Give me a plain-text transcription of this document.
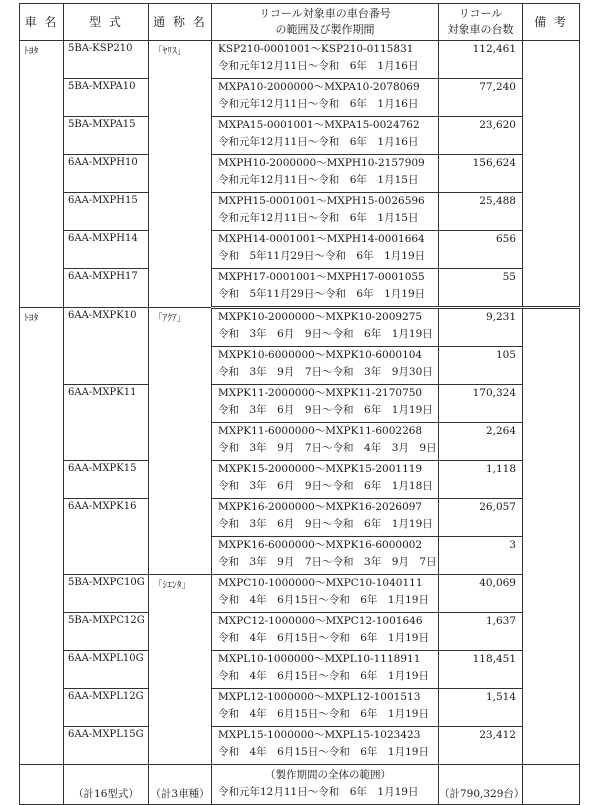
車 名	型 式	通 称 名	リコール対象車の車台番号
の範囲及び製作期間	リコール
対象車の台数	備 考
ﾄﾖﾀ	5BA-KSP210	「ﾔﾘｽ」	KSP210-0001001～KSP210-0115831
令和元年12月11日～令和　6年　1月16日	112,461	
	5BA-MXPA10		MXPA10-2000000～MXPA10-2078069
令和元年12月11日～令和　6年　1月16日	77,240	
	5BA-MXPA15		MXPA15-0001001～MXPA15-0024762
令和元年12月11日～令和　6年　1月16日	23,620	
	6AA-MXPH10		MXPH10-2000000～MXPH10-2157909
令和元年12月11日～令和　6年　1月15日	156,624	
	6AA-MXPH15		MXPH15-0001001～MXPH15-0026596
令和元年12月11日～令和　6年　1月15日	25,488	
	6AA-MXPH14		MXPH14-0001001～MXPH14-0001664
令和　5年11月29日～令和　6年　1月19日	656	
	6AA-MXPH17		MXPH17-0001001～MXPH17-0001055
令和　5年11月29日～令和　6年　1月19日	55	
ﾄﾖﾀ	6AA-MXPK10	「ｱｸｱ」	MXPK10-2000000～MXPK10-2009275
令和　3年　6月　9日～令和　6年　1月19日	9,231	
			MXPK10-6000000～MXPK10-6000104
令和　3年　9月　7日～令和　3年　9月30日	105	
	6AA-MXPK11		MXPK11-2000000～MXPK11-2170750
令和　3年　6月　9日～令和　6年　1月19日	170,324	
			MXPK11-6000000～MXPK11-6002268
令和　3年　9月　7日～令和　4年　3月　9日	2,264	
	6AA-MXPK15		MXPK15-2000000～MXPK15-2001119
令和　3年　6月　9日～令和　6年　1月18日	1,118	
	6AA-MXPK16		MXPK16-2000000～MXPK16-2026097
令和　3年　6月　9日～令和　6年　1月19日	26,057	
			MXPK16-6000000～MXPK16-6000002
令和　3年　9月　7日～令和　3年　9月　7日	3	
	5BA-MXPC10G	「ｼｴﾝﾀ」	MXPC10-1000000～MXPC10-1040111
令和　4年　6月15日～令和　6年　1月19日	40,069	
	5BA-MXPC12G		MXPC12-1000000～MXPC12-1001646
令和　4年　6月15日～令和　6年　1月19日	1,637	
	6AA-MXPL10G		MXPL10-1000000～MXPL10-1118911
令和　4年　6月15日～令和　6年　1月19日	118,451	
	6AA-MXPL12G		MXPL12-1000000～MXPL12-1001513
令和　4年　6月15日～令和　6年　1月19日	1,514	
	6AA-MXPL15G		MXPL15-1000000～MXPL15-1023423
令和　4年　6月15日～令和　6年　1月19日	23,412	
	（計16型式）	（計3車種）	（製作期間の全体の範囲）
令和元年12月11日～令和　6年　1月19日	（計790,329台）	
